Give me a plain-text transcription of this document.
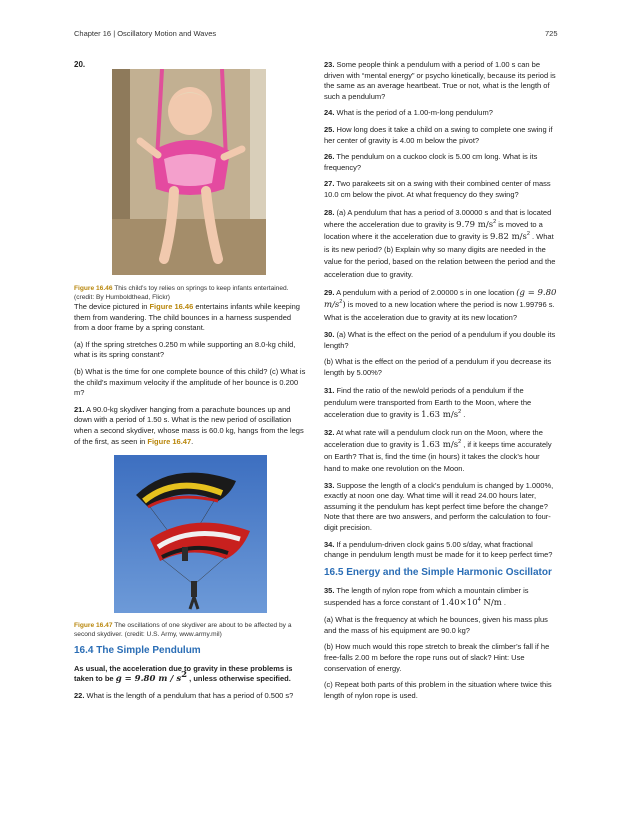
Chapter 16 | Oscillatory Motion and Waves	725
20.

Figure 16.46 This child’s toy relies on springs to keep infants entertained. (credit: By Humboldthead, Flickr)

The device pictured in Figure 16.46 entertains infants while keeping them from wandering. The child bounces in a harness suspended from a door frame by a spring constant.

(a) If the spring stretches 0.250 m while supporting an 8.0-kg child, what is its spring constant?

(b) What is the time for one complete bounce of this child? (c) What is the child’s maximum velocity if the amplitude of her bounce is 0.200 m?

21. A 90.0-kg skydiver hanging from a parachute bounces up and down with a period of 1.50 s. What is the new period of oscillation when a second skydiver, whose mass is 60.0 kg, hangs from the legs of the first, as seen in Figure 16.47.

Figure 16.47 The oscillations of one skydiver are about to be affected by a second skydiver. (credit: U.S. Army, www.army.mil)

16.4 The Simple Pendulum

As usual, the acceleration due to gravity in these problems is taken to be g = 9.80 m / $s^2$ , unless otherwise specified.

22. What is the length of a pendulum that has a period of 0.500 s?

23. Some people think a pendulum with a period of 1.00 s can be driven with “mental energy” or psycho kinetically, because its period is the same as an average heartbeat. True or not, what is the length of such a pendulum?

24. What is the period of a 1.00-m-long pendulum?

25. How long does it take a child on a swing to complete one swing if her center of gravity is 4.00 m below the pivot?

26. The pendulum on a cuckoo clock is 5.00 cm long. What is its frequency?

27. Two parakeets sit on a swing with their combined center of mass 10.0 cm below the pivot. At what frequency do they swing?

28. (a) A pendulum that has a period of 3.00000 s and that is located where the acceleration due to gravity is 9.79 $m/s^2$ is moved to a location where it the acceleration due to gravity is 9.82 $m/s^2$ . What is its new period? (b) Explain why so many digits are needed in the value for the period, based on the relation between the period and the acceleration due to gravity.

29. A pendulum with a period of 2.00000 s in one location (g = 9.80 $m/s^2$) is moved to a new location where the period is now 1.99796 s. What is the acceleration due to gravity at its new location?

30. (a) What is the effect on the period of a pendulum if you double its length?

(b) What is the effect on the period of a pendulum if you decrease its length by 5.00%?

31. Find the ratio of the new/old periods of a pendulum if the pendulum were transported from Earth to the Moon, where the acceleration due to gravity is 1.63 $m/s^2$ .

32. At what rate will a pendulum clock run on the Moon, where the acceleration due to gravity is 1.63 $m/s^2$ , if it keeps time accurately on Earth? That is, find the time (in hours) it takes the clock’s hour hand to make one revolution on the Moon.

33. Suppose the length of a clock’s pendulum is changed by 1.000%, exactly at noon one day. What time will it read 24.00 hours later, assuming it the pendulum has kept perfect time before the change? Note that there are two answers, and perform the calculation to four-digit precision.

34. If a pendulum-driven clock gains 5.00 s/day, what fractional change in pendulum length must be made for it to keep perfect time?

16.5 Energy and the Simple Harmonic Oscillator

35. The length of nylon rope from which a mountain climber is suspended has a force constant of $1.40\times 10^4$ N/m .

(a) What is the frequency at which he bounces, given his mass plus and the mass of his equipment are 90.0 kg?

(b) How much would this rope stretch to break the climber’s fall if he free-falls 2.00 m before the rope runs out of slack? Hint: Use conservation of energy.

(c) Repeat both parts of this problem in the situation where twice this length of nylon rope is used.
